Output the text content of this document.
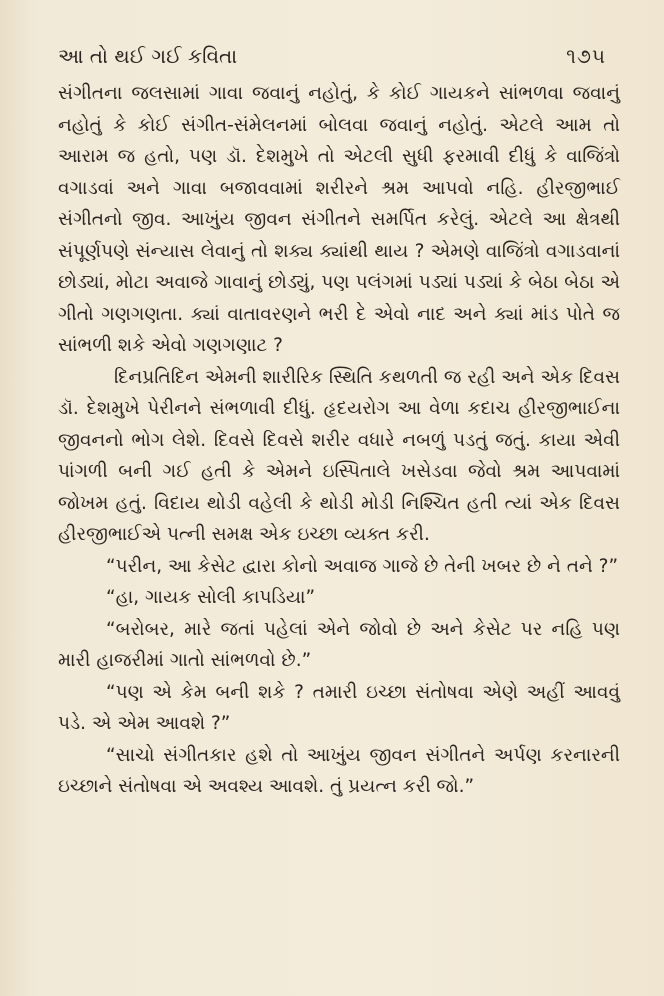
આ તો થઈ ગઈ કવિતા	૧૭૫

સંગીતના જલસામાં ગાવા જવાનું નહોતું, કે કોઈ ગાયકને સાંભળવા જવાનું નહોતું કે કોઈ સંગીત-સંમેલનમાં બોલવા જવાનું નહોતું. એટલે આમ તો આરામ જ હતો, પણ ડૉ. દેશમુખે તો એટલી સુધી ફરમાવી દીધું કે વાજિંત્રો વગાડવાં અને ગાવા બજાવવામાં શરીરને શ્રમ આપવો નહિ. હીરજીભાઈ સંગીતનો જીવ. આખુંય જીવન સંગીતને સમર્પિત કરેલું. એટલે આ ક્ષેત્રથી સંપૂર્ણપણે સંન્યાસ લેવાનું તો શક્ય ક્યાંથી થાય ? એમણે વાજિંત્રો વગાડવાનાં છોડ્યાં, મોટા અવાજે ગાવાનું છોડ્યું, પણ પલંગમાં પડ્યાં પડ્યાં કે બેઠા બેઠા એ ગીતો ગણગણતા. ક્યાં વાતાવરણને ભરી દે એવો નાદ અને ક્યાં માંડ પોતે જ સાંભળી શકે એવો ગણગણાટ ?

દિનપ્રતિદિન એમની શારીરિક સ્થિતિ કથળતી જ રહી અને એક દિવસ ડૉ. દેશમુખે પેરીનને સંભળાવી દીધું. હૃદયરોગ આ વેળા કદાચ હીરજીભાઈના જીવનનો ભોગ લેશે. દિવસે દિવસે શરીર વધારે નબળું પડતું જતું. કાયા એવી પાંગળી બની ગઈ હતી કે એમને ઇસ્પિતાલે ખસેડવા જેવો શ્રમ આપવામાં જોખમ હતું. વિદાય થોડી વહેલી કે થોડી મોડી નિશ્ચિત હતી ત્યાં એક દિવસ હીરજીભાઈએ પત્ની સમક્ષ એક ઇચ્છા વ્યક્ત કરી.

“પરીન, આ કેસેટ દ્વારા કોનો અવાજ ગાજે છે તેની ખબર છે ને તને ?”

“હા, ગાયક સોલી કાપડિયા”

“બરોબર, મારે જતાં પહેલાં એને જોવો છે અને કેસેટ પર નહિ પણ મારી હાજરીમાં ગાતો સાંભળવો છે.”

“પણ એ કેમ બની શકે ? તમારી ઇચ્છા સંતોષવા એણે અહીં આવવું પડે. એ એમ આવશે ?”

“સાચો સંગીતકાર હશે તો આખુંય જીવન સંગીતને અર્પણ કરનારની ઇચ્છાને સંતોષવા એ અવશ્ય આવશે. તું પ્રયત્ન કરી જો.”
